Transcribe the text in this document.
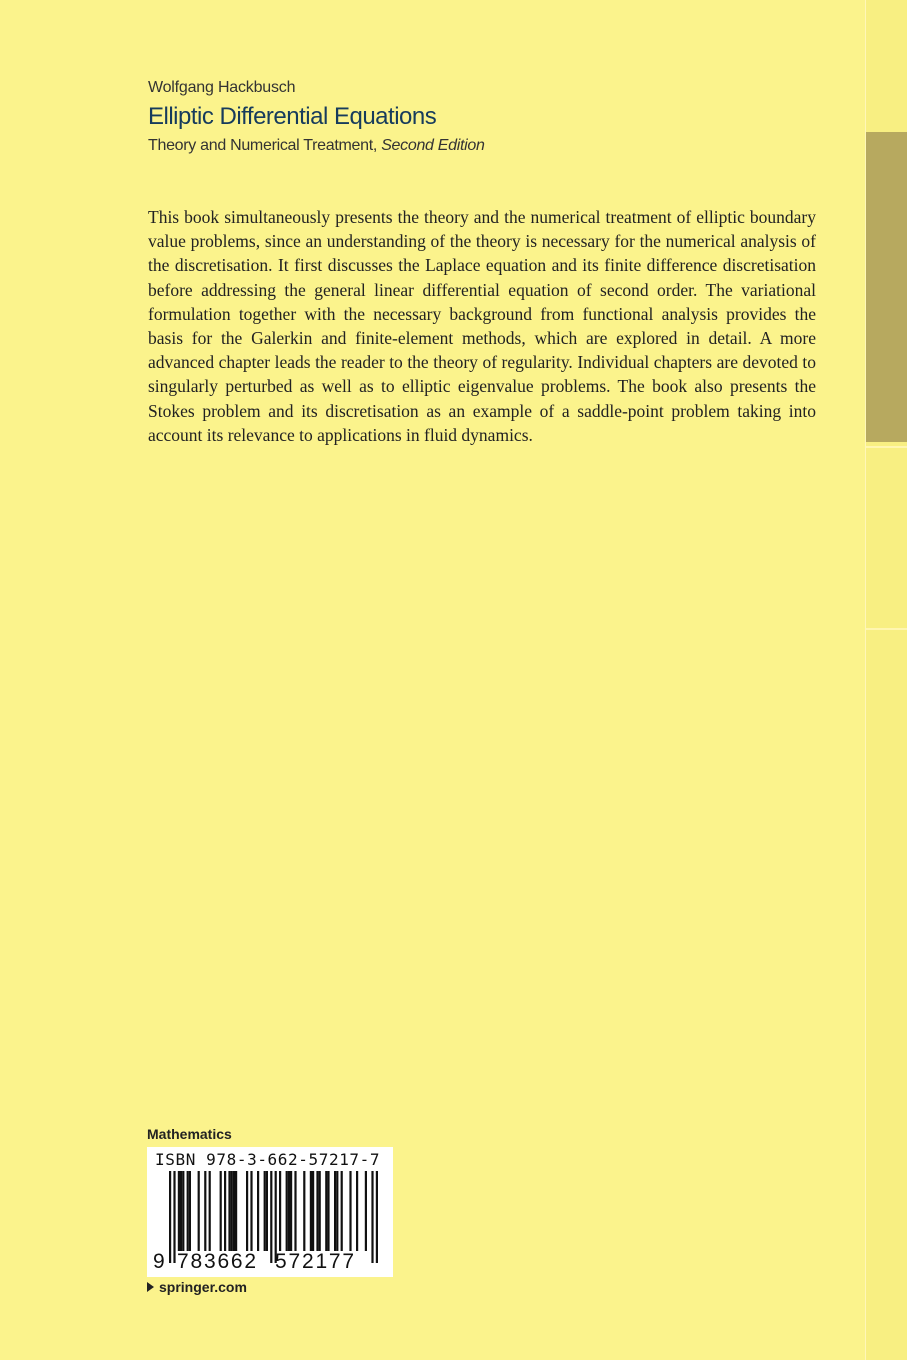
Wolfgang Hackbusch
Elliptic Differential Equations
Theory and Numerical Treatment, Second Edition
This book simultaneously presents the theory and the numerical treatment of elliptic boundary value problems, since an understanding of the theory is necessary for the numerical analysis of the discretisation. It first discusses the Laplace equation and its finite difference discretisation before addressing the general linear differential equation of second order. The variational formulation together with the necessary background from functional analysis provides the basis for the Galerkin and finite-element methods, which are explored in detail. A more advanced chapter leads the reader to the theory of regularity. Individual chapters are devoted to singularly perturbed as well as to elliptic eigenvalue problems. The book also presents the Stokes problem and its discretisation as an example of a saddle-point problem taking into account its relevance to applications in fluid dynamics.
Mathematics
ISBN 978-3-662-57217-7
9 783662 572177
springer.com
